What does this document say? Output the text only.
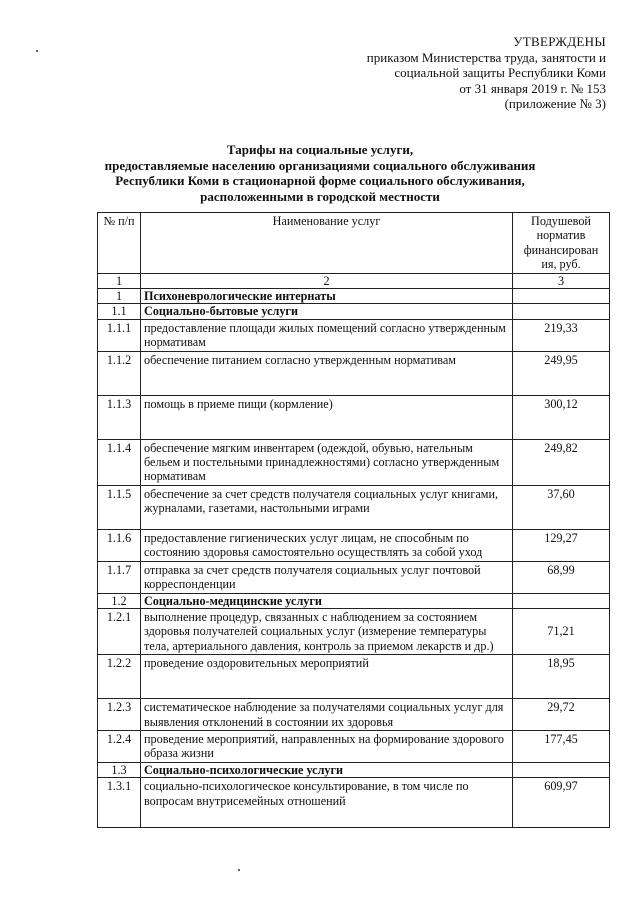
УТВЕРЖДЕНЫ
приказом Министерства труда, занятости и
социальной защиты Республики Коми
от 31 января 2019 г. № 153
(приложение № 3)
Тарифы на социальные услуги,
предоставляемые населению организациями социального обслуживания
Республики Коми в стационарной форме социального обслуживания,
расположенными в городской местности
№ п/п	Наименование услуг	Подушевой норматив финансирован ия, руб.
1	2	3
1	Психоневрологические интернаты	
1.1	Социально-бытовые услуги	
1.1.1	предоставление площади жилых помещений согласно утвержденным нормативам	219,33
1.1.2	обеспечение питанием согласно утвержденным нормативам	249,95
1.1.3	помощь в приеме пищи (кормление)	300,12
1.1.4	обеспечение мягким инвентарем (одеждой, обувью, нательным бельем и постельными принадлежностями) согласно утвержденным нормативам	249,82
1.1.5	обеспечение за счет средств получателя социальных услуг книгами, журналами, газетами, настольными играми	37,60
1.1.6	предоставление гигиенических услуг лицам, не способным по состоянию здоровья самостоятельно осуществлять за собой уход	129,27
1.1.7	отправка за счет средств получателя социальных услуг почтовой корреспонденции	68,99
1.2	Социально-медицинские услуги	
1.2.1	выполнение процедур, связанных с наблюдением за состоянием здоровья получателей социальных услуг (измерение температуры тела, артериального давления, контроль за приемом лекарств и др.)	71,21
1.2.2	проведение оздоровительных мероприятий	18,95
1.2.3	систематическое наблюдение за получателями социальных услуг для выявления отклонений в состоянии их здоровья	29,72
1.2.4	проведение мероприятий, направленных на формирование здорового образа жизни	177,45
1.3	Социально-психологические услуги	
1.3.1	социально-психологическое консультирование, в том числе по вопросам внутрисемейных отношений	609,97
